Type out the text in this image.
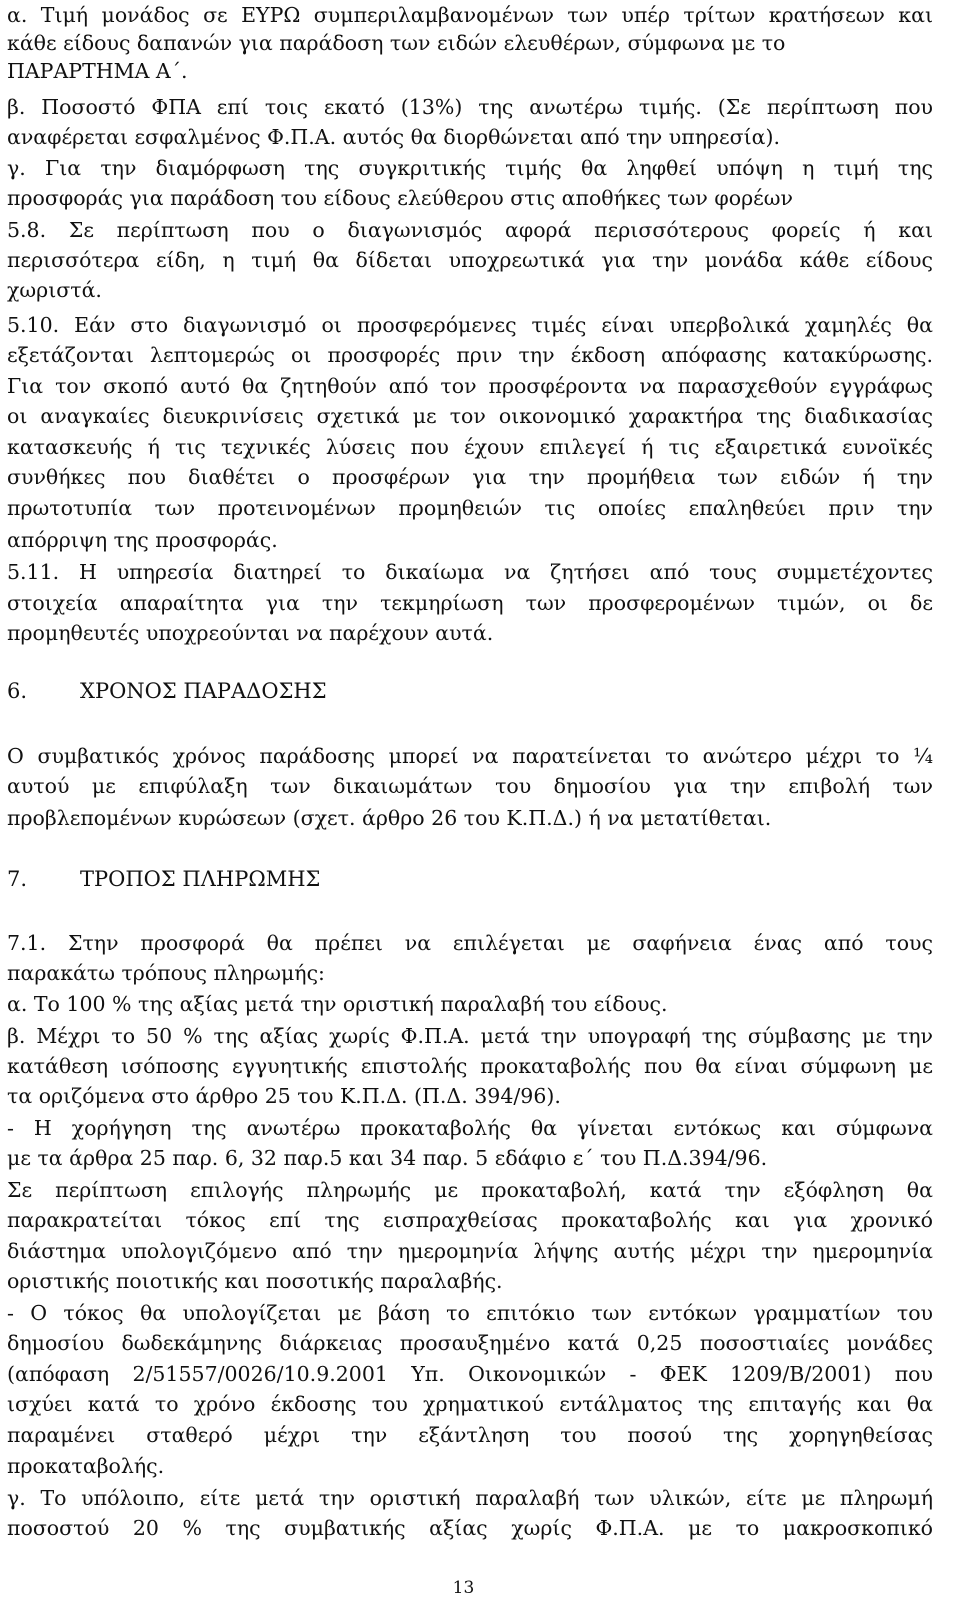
α. Τιμή μονάδος σε ΕΥΡΩ συμπεριλαμβανομένων των υπέρ τρίτων κρατήσεων και
κάθε είδους δαπανών για παράδοση των ειδών ελευθέρων, σύμφωνα με το
ΠΑΡΑΡΤΗΜΑ Α΄.
β. Ποσοστό ΦΠΑ επί τοις εκατό (13%) της ανωτέρω τιμής. (Σε περίπτωση που
αναφέρεται εσφαλμένος Φ.Π.Α. αυτός θα διορθώνεται από την υπηρεσία).
γ. Για την διαμόρφωση της συγκριτικής τιμής θα ληφθεί υπόψη η τιμή της
προσφοράς για παράδοση του είδους ελεύθερου στις αποθήκες των φορέων
5.8. Σε περίπτωση που ο διαγωνισμός αφορά περισσότερους φορείς ή και
περισσότερα είδη, η τιμή θα δίδεται υποχρεωτικά για την μονάδα κάθε είδους
χωριστά.
5.10. Εάν στο διαγωνισμό οι προσφερόμενες τιμές είναι υπερβολικά χαμηλές θα
εξετάζονται λεπτομερώς οι προσφορές πριν την έκδοση απόφασης κατακύρωσης.
Για τον σκοπό αυτό θα ζητηθούν από τον προσφέροντα να παρασχεθούν εγγράφως
οι αναγκαίες διευκρινίσεις σχετικά με τον οικονομικό χαρακτήρα της διαδικασίας
κατασκευής ή τις τεχνικές λύσεις που έχουν επιλεγεί ή τις εξαιρετικά ευνοϊκές
συνθήκες που διαθέτει ο προσφέρων για την προμήθεια των ειδών ή την
πρωτοτυπία των προτεινομένων προμηθειών τις οποίες επαληθεύει πριν την
απόρριψη της προσφοράς.
5.11. Η υπηρεσία διατηρεί το δικαίωμα να ζητήσει από τους συμμετέχοντες
στοιχεία απαραίτητα για την τεκμηρίωση των προσφερομένων τιμών, οι δε
προμηθευτές υποχρεούνται να παρέχουν αυτά.
6.	ΧΡΟΝΟΣ ΠΑΡΑΔΟΣΗΣ
Ο συμβατικός χρόνος παράδοσης μπορεί να παρατείνεται το ανώτερο μέχρι το ¼
αυτού με επιφύλαξη των δικαιωμάτων του δημοσίου για την επιβολή των
προβλεπομένων κυρώσεων (σχετ. άρθρο 26 του Κ.Π.Δ.) ή να μετατίθεται.
7.	ΤΡΟΠΟΣ ΠΛΗΡΩΜΗΣ
7.1. Στην προσφορά θα πρέπει να επιλέγεται με σαφήνεια ένας από τους
παρακάτω τρόπους πληρωμής:
α. Το 100 % της αξίας μετά την οριστική παραλαβή του είδους.
β. Μέχρι το 50 % της αξίας χωρίς Φ.Π.Α. μετά την υπογραφή της σύμβασης με την
κατάθεση ισόποσης εγγυητικής επιστολής προκαταβολής που θα είναι σύμφωνη με
τα οριζόμενα στο άρθρο 25 του Κ.Π.Δ. (Π.Δ. 394/96).
- Η χορήγηση της ανωτέρω προκαταβολής θα γίνεται εντόκως και σύμφωνα
με τα άρθρα 25 παρ. 6, 32 παρ.5 και 34 παρ. 5 εδάφιο ε΄ του Π.Δ.394/96.
Σε περίπτωση επιλογής πληρωμής με προκαταβολή, κατά την εξόφληση θα
παρακρατείται τόκος επί της εισπραχθείσας προκαταβολής και για χρονικό
διάστημα υπολογιζόμενο από την ημερομηνία λήψης αυτής μέχρι την ημερομηνία
οριστικής ποιοτικής και ποσοτικής παραλαβής.
- Ο τόκος θα υπολογίζεται με βάση το επιτόκιο των εντόκων γραμματίων του
δημοσίου δωδεκάμηνης διάρκειας προσαυξημένο κατά 0,25 ποσοστιαίες μονάδες
(απόφαση 2/51557/0026/10.9.2001 Υπ. Οικονομικών - ΦΕΚ 1209/Β/2001) που
ισχύει κατά το χρόνο έκδοσης του χρηματικού εντάλματος της επιταγής και θα
παραμένει σταθερό μέχρι την εξάντληση του ποσού της χορηγηθείσας
προκαταβολής.
γ. Το υπόλοιπο, είτε μετά την οριστική παραλαβή των υλικών, είτε με πληρωμή
ποσοστού 20 % της συμβατικής αξίας χωρίς Φ.Π.Α. με το μακροσκοπικό
13
